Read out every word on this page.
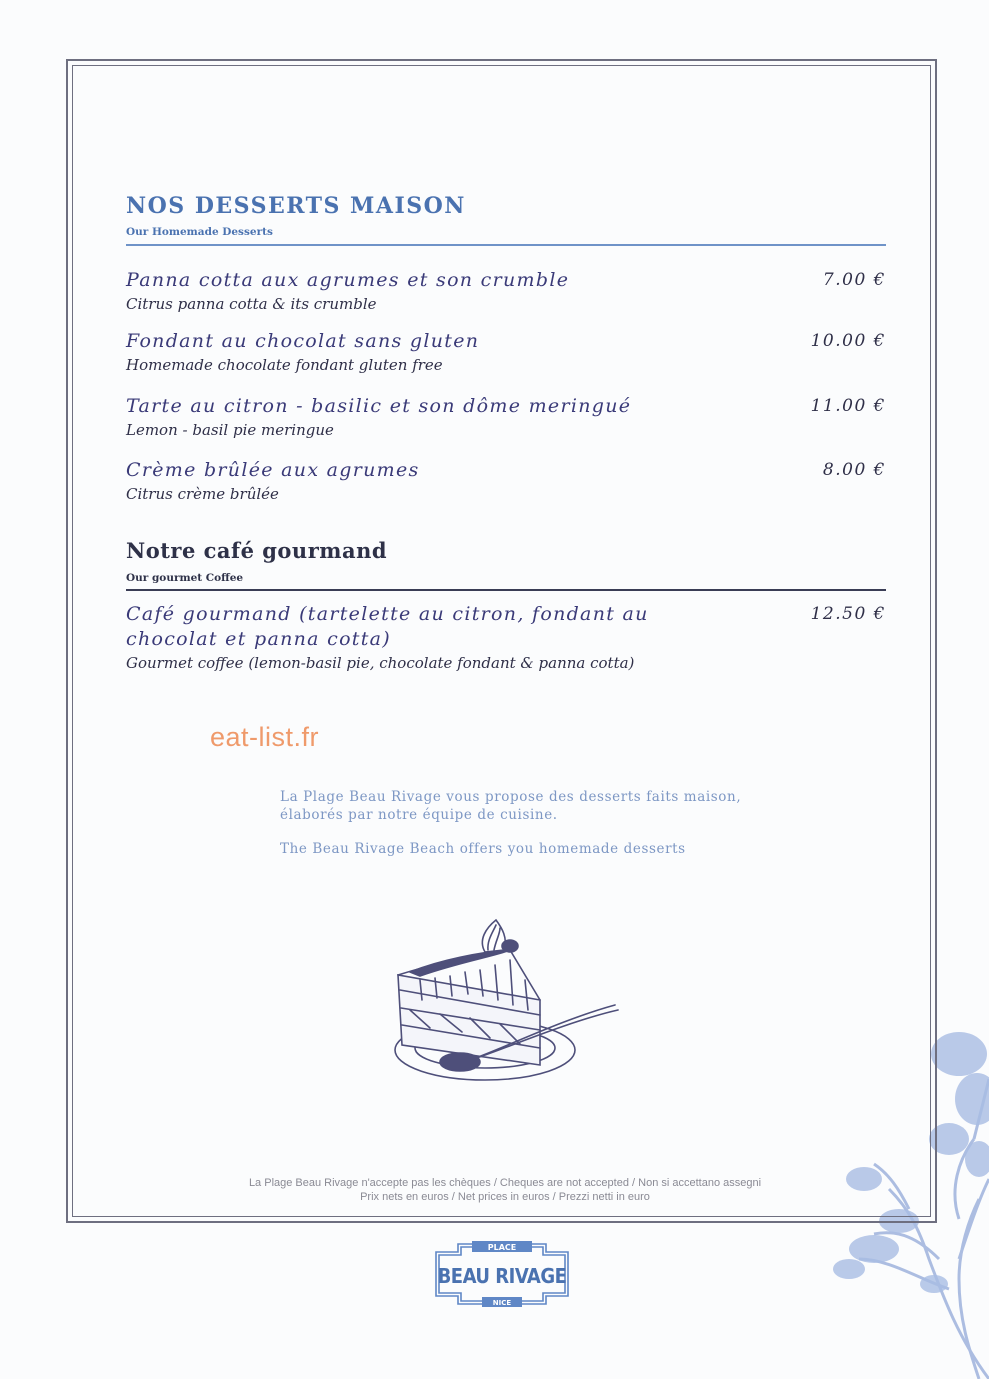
NOS DESSERTS MAISON
Our Homemade Desserts
Panna cotta aux agrumes et son crumble
Citrus panna cotta & its crumble
7.00 €
Fondant au chocolat sans gluten
Homemade chocolate fondant gluten free
10.00 €
Tarte au citron - basilic et son dôme meringué
Lemon - basil pie meringue
11.00 €
Crème brûlée aux agrumes
Citrus crème brûlée
8.00 €
Notre café gourmand
Our gourmet Coffee
Café gourmand (tartelette au citron, fondant au chocolat et panna cotta)
Gourmet coffee (lemon-basil pie, chocolate fondant & panna cotta)
12.50 €
eat-list.fr
La Plage Beau Rivage vous propose des desserts faits maison, élaborés par notre équipe de cuisine.
The Beau Rivage Beach offers you homemade desserts
La Plage Beau Rivage n'accepte pas les chèques / Cheques are not accepted / Non si accettano assegni
Prix nets en euros / Net prices in euros / Prezzi netti in euro
PLACE
BEAU RIVAGE
NICE
